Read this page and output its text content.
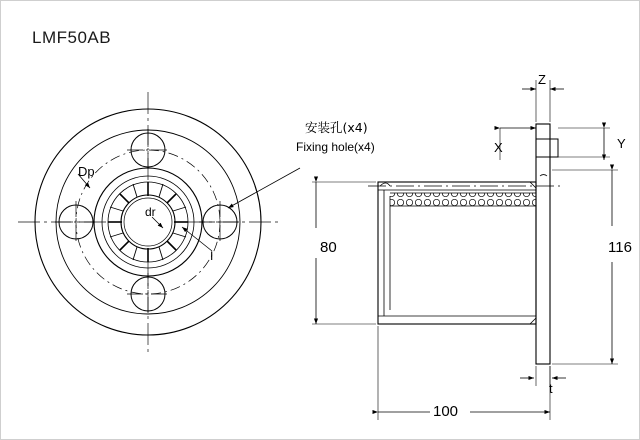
LMF50AB
安装孔(x4)
Fixing hole(x4)
Dp
dr
I
Z
X	Y
80	116
t
100
